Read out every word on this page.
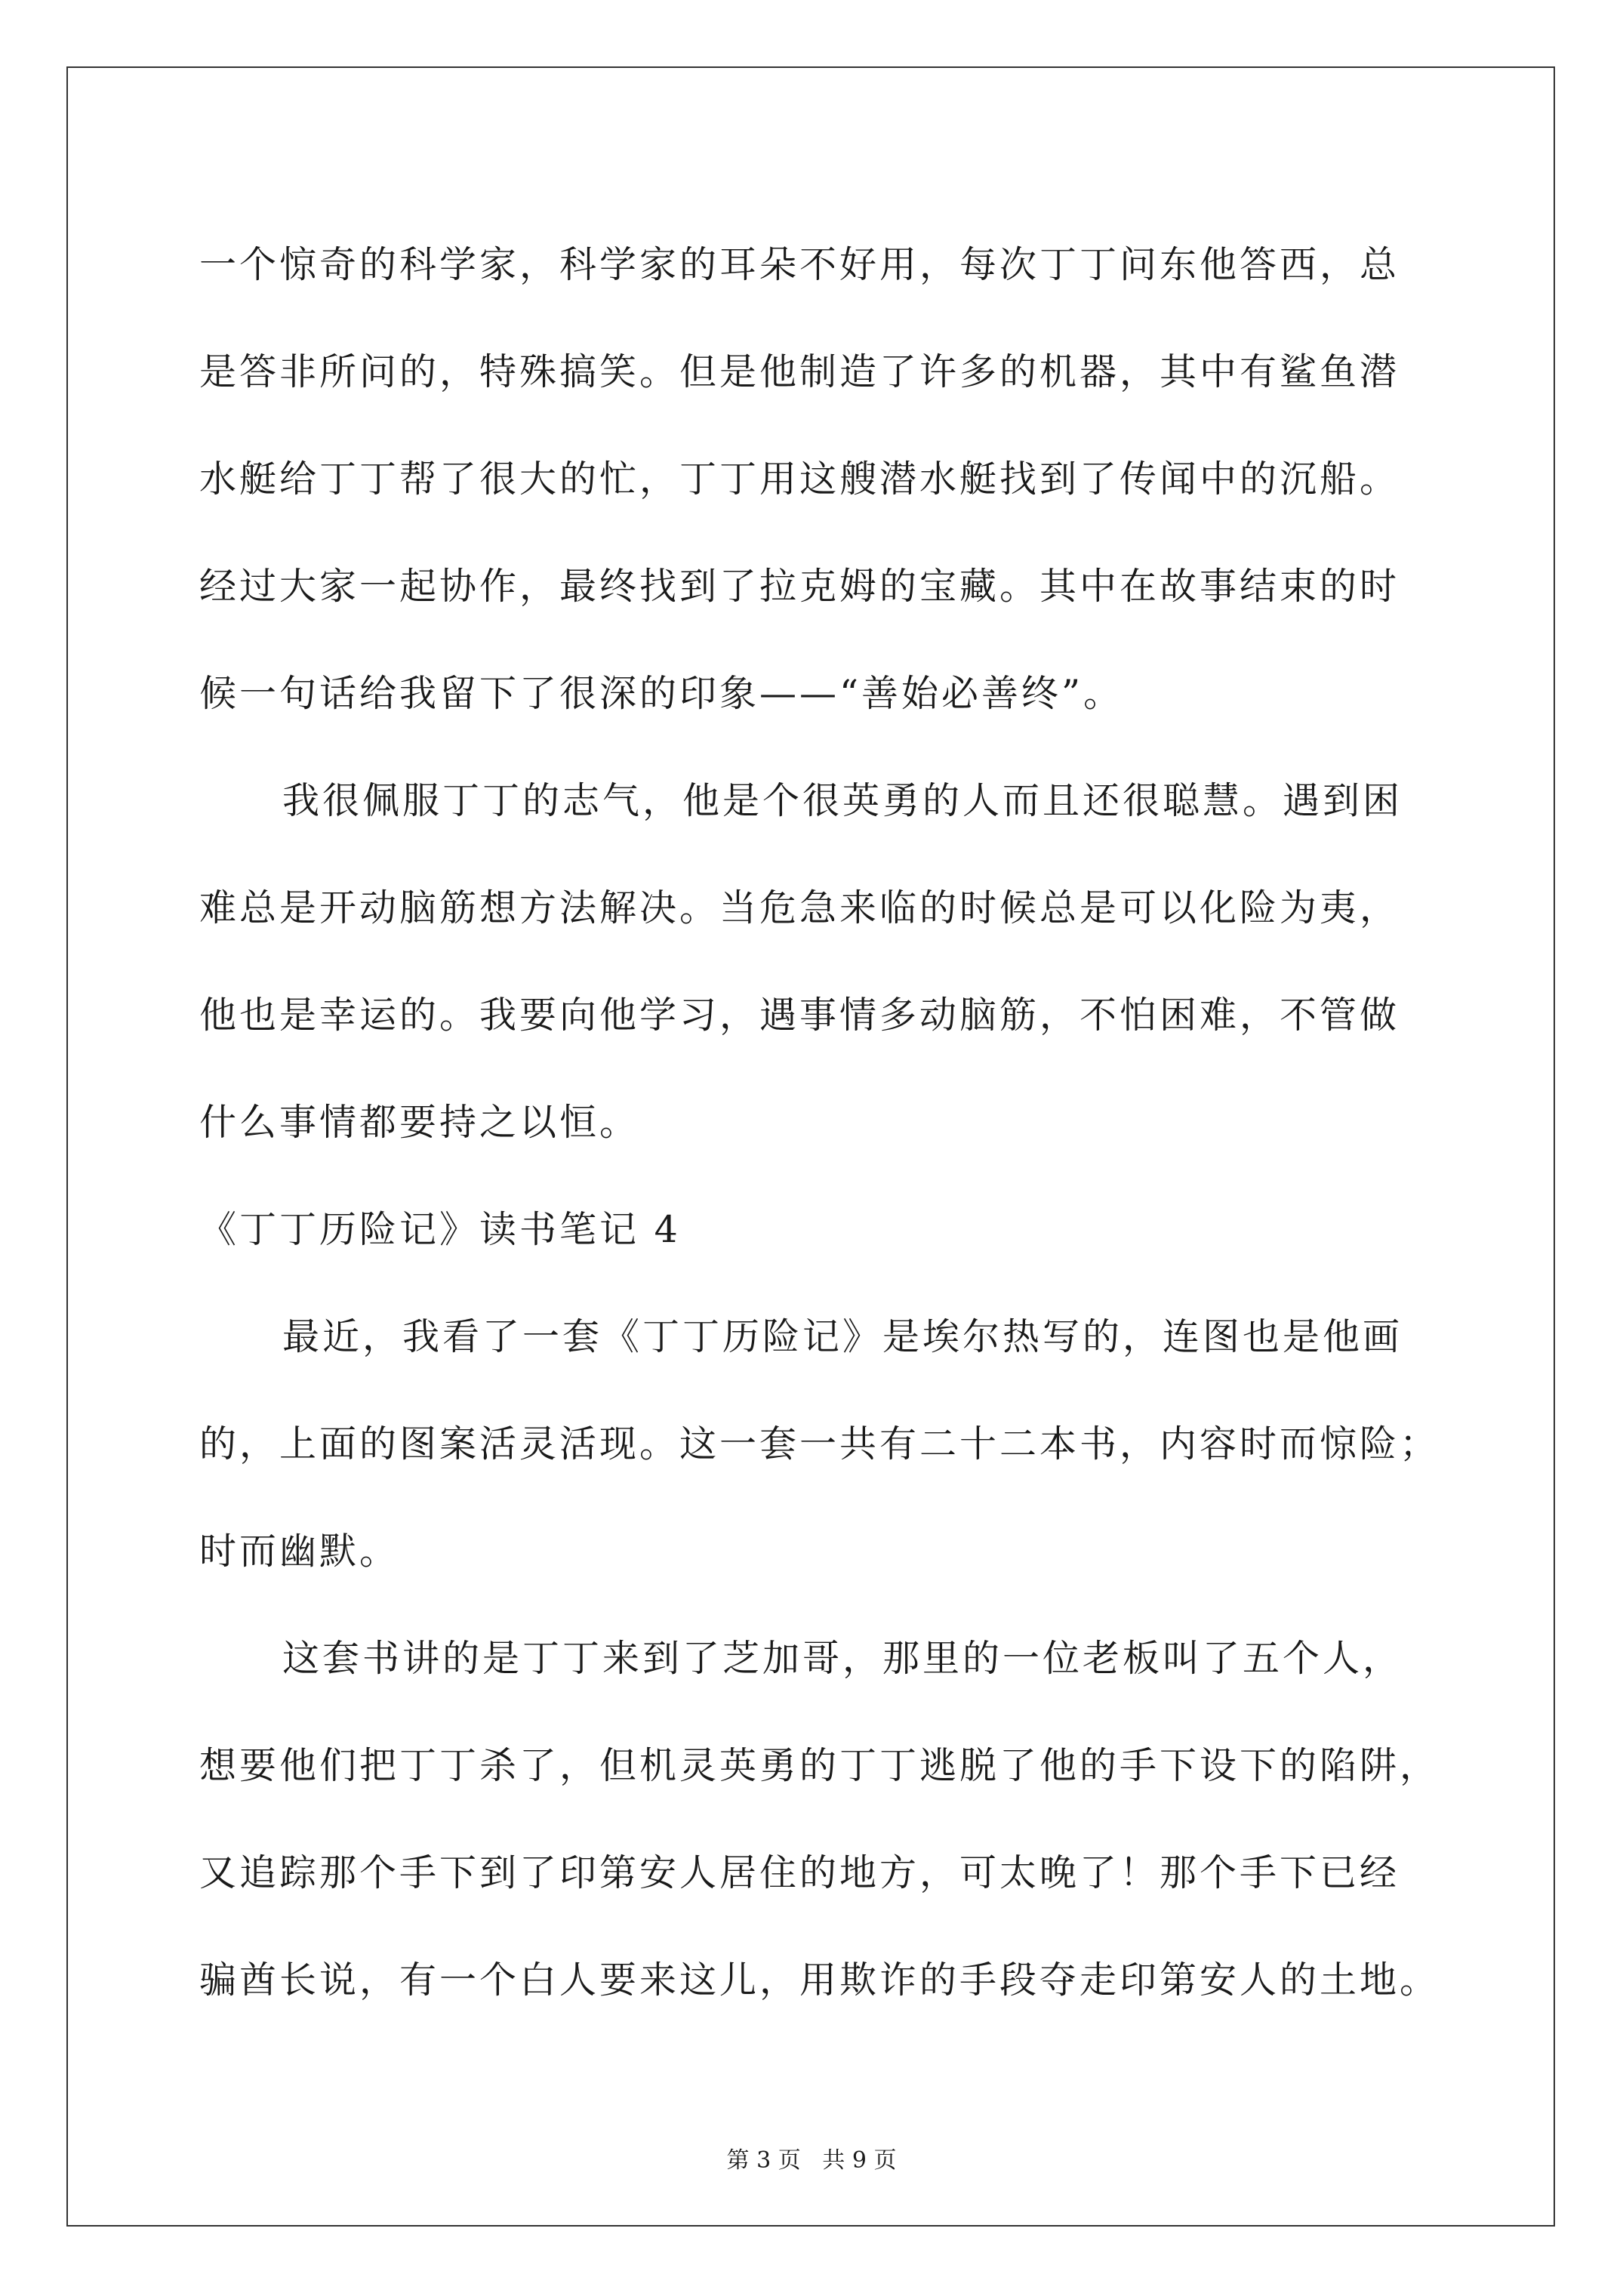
一个惊奇的科学家，科学家的耳朵不好用，每次丁丁问东他答西，总
是答非所问的，特殊搞笑。但是他制造了许多的机器，其中有鲨鱼潜
水艇给丁丁帮了很大的忙，丁丁用这艘潜水艇找到了传闻中的沉船。
经过大家一起协作，最终找到了拉克姆的宝藏。其中在故事结束的时
候一句话给我留下了很深的印象——“善始必善终”。
我很佩服丁丁的志气，他是个很英勇的人而且还很聪慧。遇到困
难总是开动脑筋想方法解决。当危急来临的时候总是可以化险为夷，
他也是幸运的。我要向他学习，遇事情多动脑筋，不怕困难，不管做
什么事情都要持之以恒。
《丁丁历险记》读书笔记 4
最近，我看了一套《丁丁历险记》是埃尔热写的，连图也是他画
的，上面的图案活灵活现。这一套一共有二十二本书，内容时而惊险；
时而幽默。
这套书讲的是丁丁来到了芝加哥，那里的一位老板叫了五个人，
想要他们把丁丁杀了，但机灵英勇的丁丁逃脱了他的手下设下的陷阱，
又追踪那个手下到了印第安人居住的地方，可太晚了！那个手下已经
骗酋长说，有一个白人要来这儿，用欺诈的手段夺走印第安人的土地。
第 3 页   共 9 页
